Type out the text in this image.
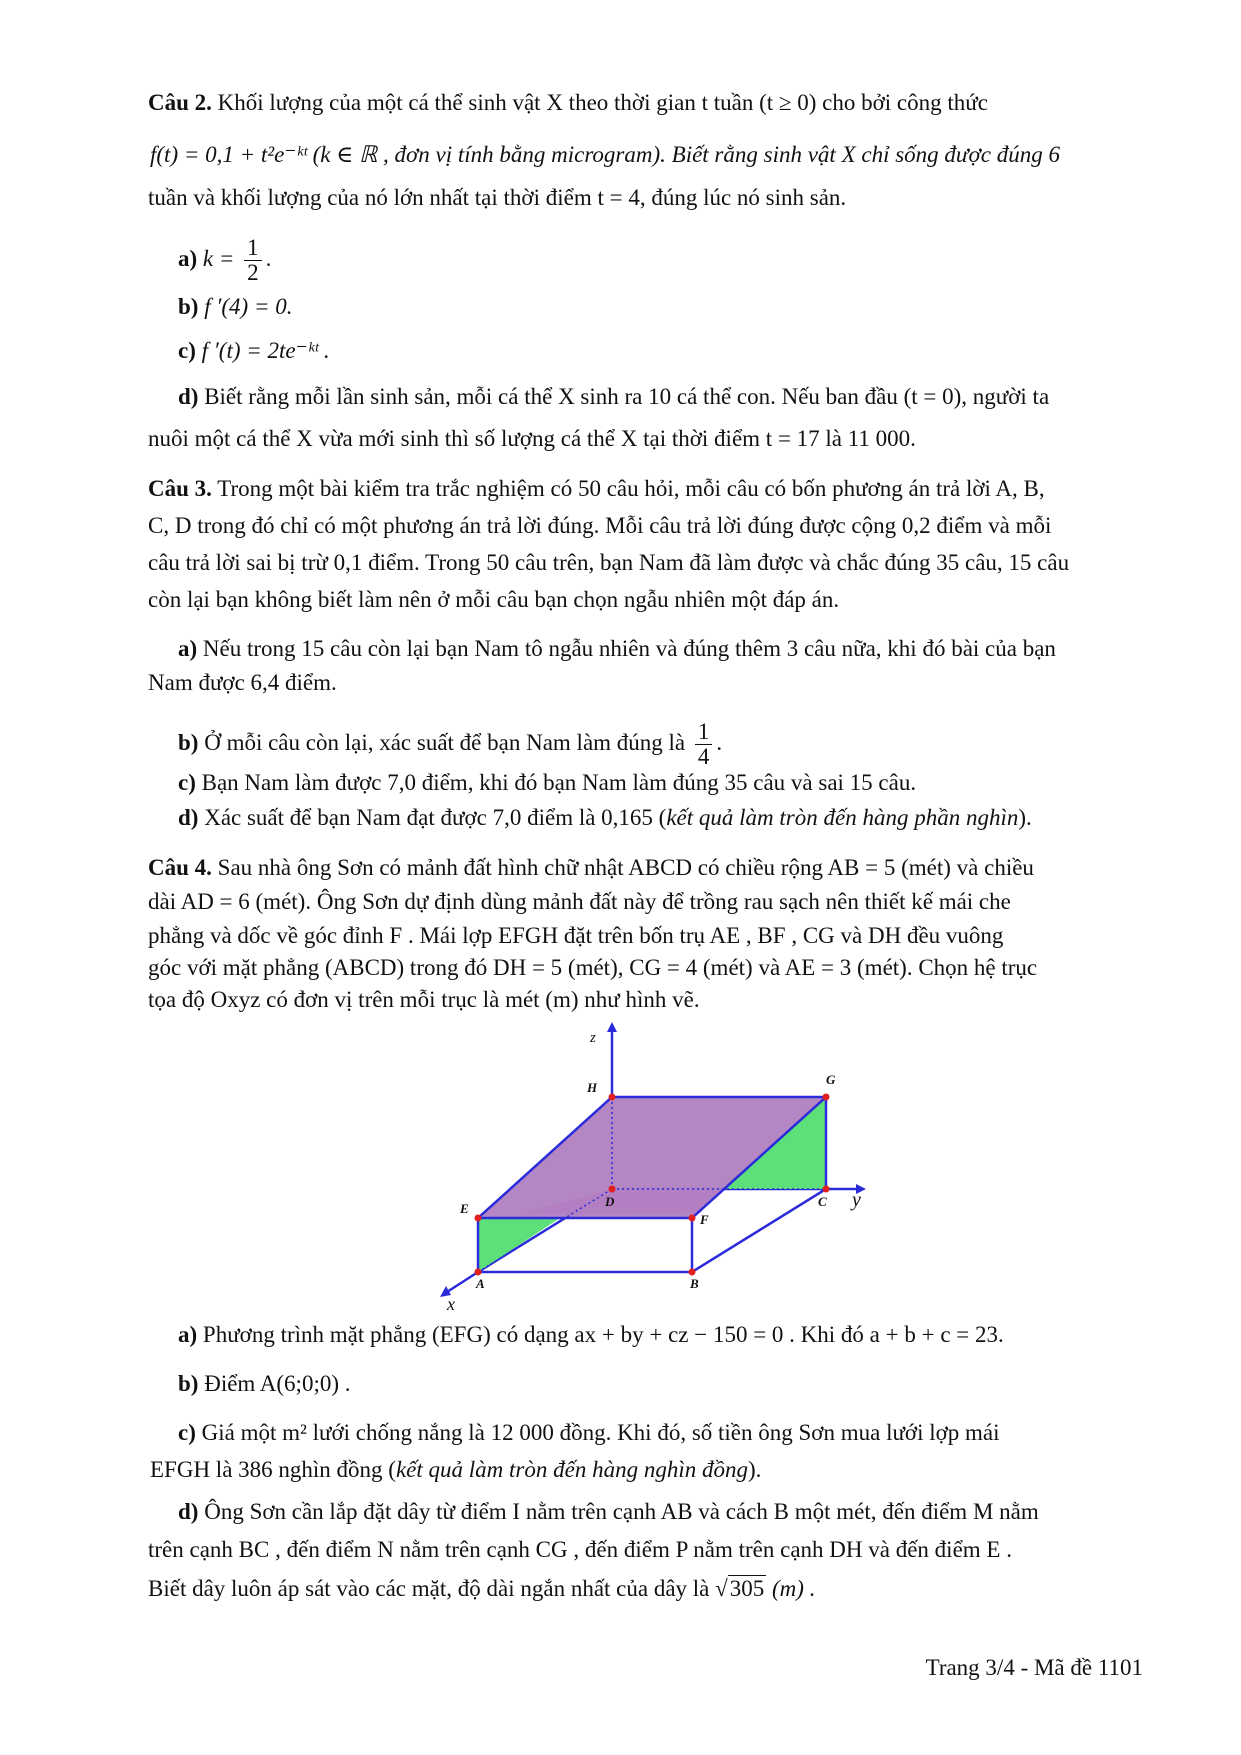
Câu 2. Khối lượng của một cá thể sinh vật X theo thời gian t tuần (t ≥ 0) cho bởi công thức
f(t) = 0,1 + t²e⁻ᵏᵗ (k ∈ ℝ , đơn vị tính bằng microgram). Biết rằng sinh vật X chỉ sống được đúng 6
tuần và khối lượng của nó lớn nhất tại thời điểm t = 4, đúng lúc nó sinh sản.
a) $k = \frac{1}{2}$ .
b) f ′(4) = 0.
c) f ′(t) = 2te⁻ᵏᵗ .
d) Biết rằng mỗi lần sinh sản, mỗi cá thể X sinh ra 10 cá thể con. Nếu ban đầu (t = 0), người ta
nuôi một cá thể X vừa mới sinh thì số lượng cá thể X tại thời điểm t = 17 là 11 000.
Câu 3. Trong một bài kiểm tra trắc nghiệm có 50 câu hỏi, mỗi câu có bốn phương án trả lời A, B,
C, D trong đó chỉ có một phương án trả lời đúng. Mỗi câu trả lời đúng được cộng 0,2 điểm và mỗi
câu trả lời sai bị trừ 0,1 điểm. Trong 50 câu trên, bạn Nam đã làm được và chắc đúng 35 câu, 15 câu
còn lại bạn không biết làm nên ở mỗi câu bạn chọn ngẫu nhiên một đáp án.
a) Nếu trong 15 câu còn lại bạn Nam tô ngẫu nhiên và đúng thêm 3 câu nữa, khi đó bài của bạn
Nam được 6,4 điểm.
b) Ở mỗi câu còn lại, xác suất để bạn Nam làm đúng là $\frac{1}{4}$ .
c) Bạn Nam làm được 7,0 điểm, khi đó bạn Nam làm đúng 35 câu và sai 15 câu.
d) Xác suất để bạn Nam đạt được 7,0 điểm là 0,165 (kết quả làm tròn đến hàng phần nghìn).
Câu 4. Sau nhà ông Sơn có mảnh đất hình chữ nhật ABCD có chiều rộng AB = 5 (mét) và chiều
dài AD = 6 (mét). Ông Sơn dự định dùng mảnh đất này để trồng rau sạch nên thiết kế mái che
phẳng và dốc về góc đỉnh F . Mái lợp EFGH đặt trên bốn trụ AE , BF , CG và DH đều vuông
góc với mặt phẳng (ABCD) trong đó DH = 5 (mét), CG = 4 (mét) và AE = 3 (mét). Chọn hệ trục
tọa độ Oxyz có đơn vị trên mỗi trục là mét (m) như hình vẽ.
z
y
x
H
G
E
F
D	C
A	B
a) Phương trình mặt phẳng (EFG) có dạng ax + by + cz − 150 = 0 . Khi đó a + b + c = 23.
b) Điểm A(6;0;0) .
c) Giá một m² lưới chống nắng là 12 000 đồng. Khi đó, số tiền ông Sơn mua lưới lợp mái
EFGH là 386 nghìn đồng (kết quả làm tròn đến hàng nghìn đồng).
d) Ông Sơn cần lắp đặt dây từ điểm I nằm trên cạnh AB và cách B một mét, đến điểm M nằm
trên cạnh BC , đến điểm N nằm trên cạnh CG , đến điểm P nằm trên cạnh DH và đến điểm E .
Biết dây luôn áp sát vào các mặt, độ dài ngắn nhất của dây là √305 (m) .
Trang 3/4 - Mã đề 1101
